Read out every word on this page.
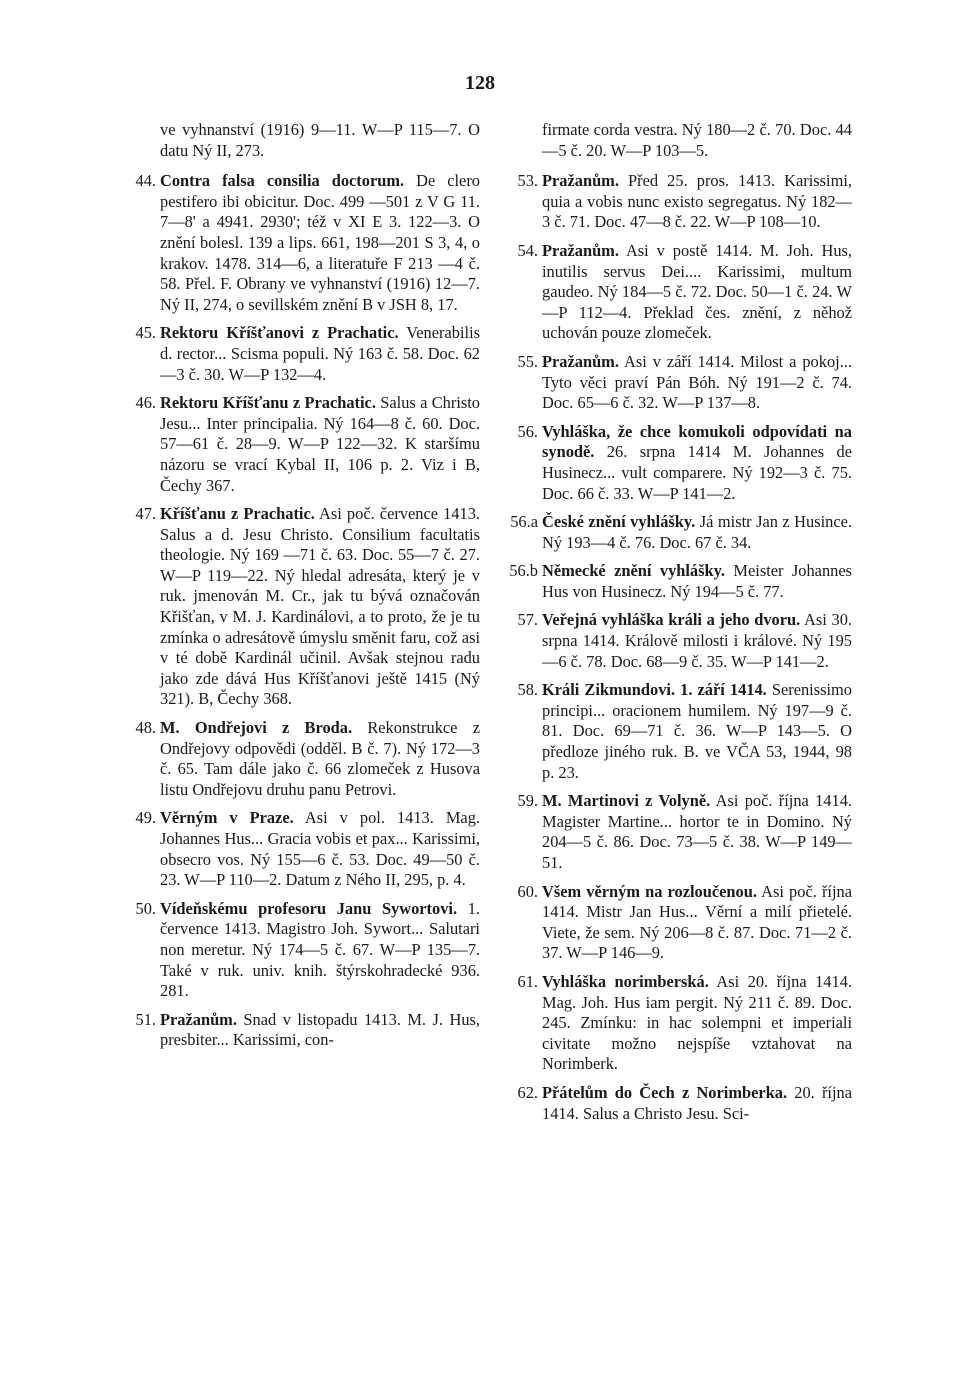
128

ve vyhnanství (1916) 9—11. W—P 115—7. O datu Ný II, 273.

44. Contra falsa consilia doctorum. De clero pestifero ibi obicitur. Doc. 499 —501 z V G 11. 7—8' a 4941. 2930'; též v XI E 3. 122—3. O znění bolesl. 139 a lips. 661, 198—201 S 3, 4, o krakov. 1478. 314—6, a literatuře F 213 —4 č. 58. Přel. F. Obrany ve vyhnanství (1916) 12—7. Ný II, 274, o sevillském znění B v JSH 8, 17.

45. Rektoru Kříšťanovi z Prachatic. Venerabilis d. rector... Scisma populi. Ný 163 č. 58. Doc. 62—3 č. 30. W—P 132—4.

46. Rektoru Kříšťanu z Prachatic. Salus a Christo Jesu... Inter principalia. Ný 164—8 č. 60. Doc. 57—61 č. 28—9. W—P 122—32. K staršímu názoru se vrací Kybal II, 106 p. 2. Viz i B, Čechy 367.

47. Kříšťanu z Prachatic. Asi poč. července 1413. Salus a d. Jesu Christo. Consilium facultatis theologie. Ný 169 —71 č. 63. Doc. 55—7 č. 27. W—P 119—22. Ný hledal adresáta, který je v ruk. jmenován M. Cr., jak tu bývá označován Křišťan, v M. J. Kardinálovi, a to proto, že je tu zmínka o adresátově úmyslu směnit faru, což asi v té době Kardinál učinil. Avšak stejnou radu jako zde dává Hus Kříšťanovi ještě 1415 (Ný 321). B, Čechy 368.

48. M. Ondřejovi z Broda. Rekonstrukce z Ondřejovy odpovědi (odděl. B č. 7). Ný 172—3 č. 65. Tam dále jako č. 66 zlomeček z Husova listu Ondřejovu druhu panu Petrovi.

49. Věrným v Praze. Asi v pol. 1413. Mag. Johannes Hus... Gracia vobis et pax... Karissimi, obsecro vos. Ný 155—6 č. 53. Doc. 49—50 č. 23. W—P 110—2. Datum z Ného II, 295, p. 4.

50. Vídeňskému profesoru Janu Sywortovi. 1. července 1413. Magistro Joh. Sywort... Salutari non meretur. Ný 174—5 č. 67. W—P 135—7. Také v ruk. univ. knih. štýrskohradecké 936. 281.

51. Pražanům. Snad v listopadu 1413. M. J. Hus, presbiter... Karissimi, con-

firmate corda vestra. Ný 180—2 č. 70. Doc. 44—5 č. 20. W—P 103—5.

53. Pražanům. Před 25. pros. 1413. Karissimi, quia a vobis nunc existo segregatus. Ný 182—3 č. 71. Doc. 47—8 č. 22. W—P 108—10.

54. Pražanům. Asi v postě 1414. M. Joh. Hus, inutilis servus Dei.... Karissimi, multum gaudeo. Ný 184—5 č. 72. Doc. 50—1 č. 24. W—P 112—4. Překlad čes. znění, z něhož uchován pouze zlomeček.

55. Pražanům. Asi v září 1414. Milost a pokoj... Tyto věci praví Pán Bóh. Ný 191—2 č. 74. Doc. 65—6 č. 32. W—P 137—8.

56. Vyhláška, že chce komukoli odpovídati na synodě. 26. srpna 1414 M. Johannes de Husinecz... vult comparere. Ný 192—3 č. 75. Doc. 66 č. 33. W—P 141—2.

56.a České znění vyhlášky. Já mistr Jan z Husince. Ný 193—4 č. 76. Doc. 67 č. 34.

56.b Německé znění vyhlášky. Meister Johannes Hus von Husinecz. Ný 194—5 č. 77.

57. Veřejná vyhláška králi a jeho dvoru. Asi 30. srpna 1414. Králově milosti i králové. Ný 195—6 č. 78. Doc. 68—9 č. 35. W—P 141—2.

58. Králi Zikmundovi. 1. září 1414. Serenissimo principi... oracionem humilem. Ný 197—9 č. 81. Doc. 69—71 č. 36. W—P 143—5. O předloze jiného ruk. B. ve VČA 53, 1944, 98 p. 23.

59. M. Martinovi z Volyně. Asi poč. října 1414. Magister Martine... hortor te in Domino. Ný 204—5 č. 86. Doc. 73—5 č. 38. W—P 149—51.

60. Všem věrným na rozloučenou. Asi poč. října 1414. Mistr Jan Hus... Věrní a milí přietelé. Viete, že sem. Ný 206—8 č. 87. Doc. 71—2 č. 37. W—P 146—9.

61. Vyhláška norimberská. Asi 20. října 1414. Mag. Joh. Hus iam pergit. Ný 211 č. 89. Doc. 245. Zmínku: in hac solempni et imperiali civitate možno nejspíše vztahovat na Norimberk.

62. Přátelům do Čech z Norimberka. 20. října 1414. Salus a Christo Jesu. Sci-
